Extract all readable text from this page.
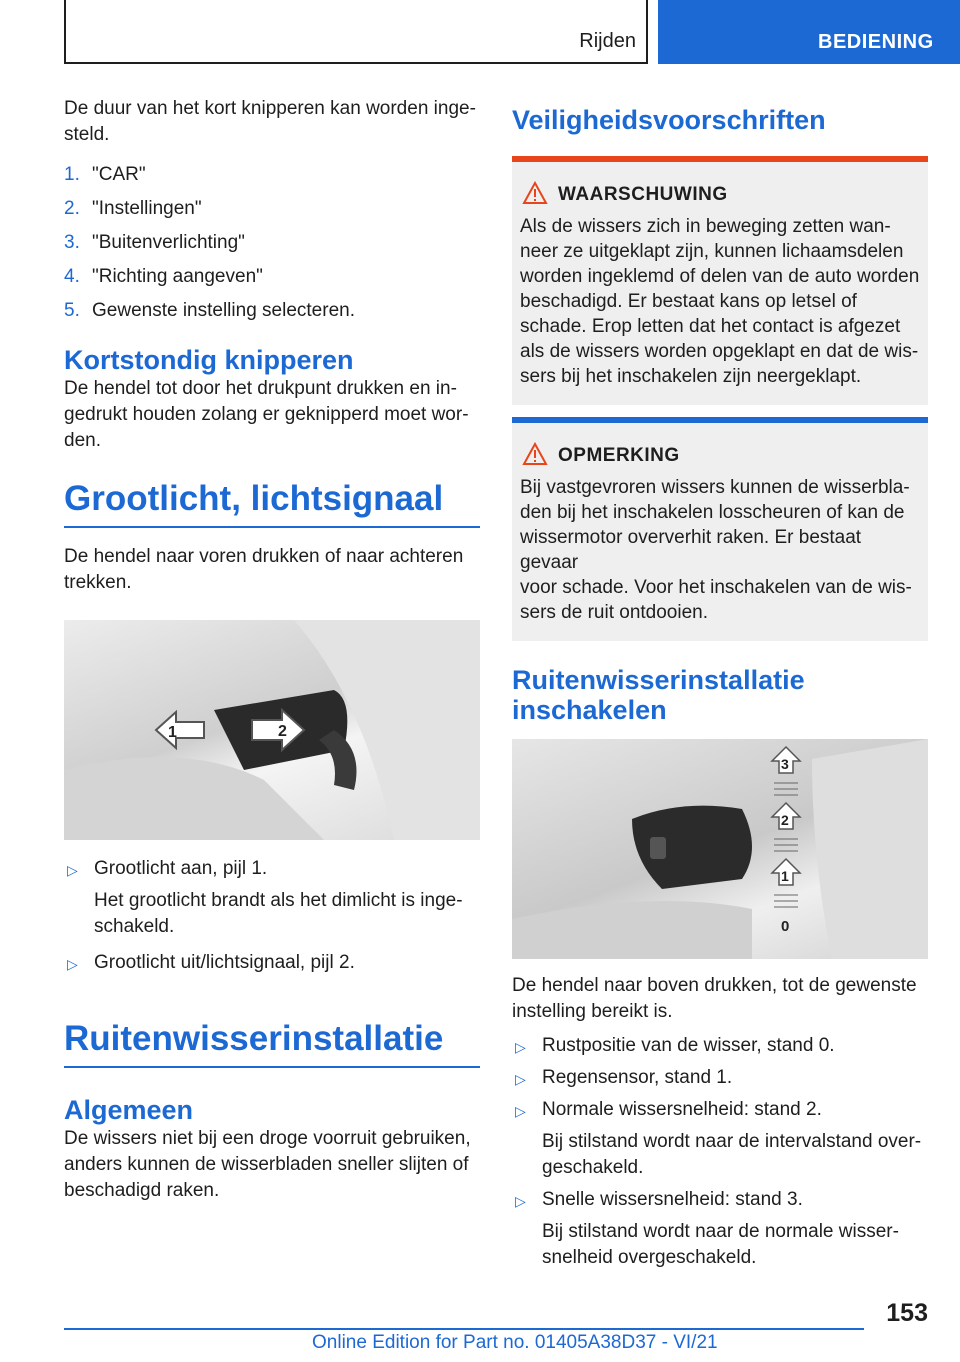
Rijden	BEDIENING

De duur van het kort knipperen kan worden inge-
steld.

1. "CAR"
2. "Instellingen"
3. "Buitenverlichting"
4. "Richting aangeven"
5. Gewenste instelling selecteren.
Kortstondig knipperen

De hendel tot door het drukpunt drukken en in-
gedrukt houden zolang er geknipperd moet wor-
den.

Grootlicht, lichtsignaal

De hendel naar voren drukken of naar achteren
trekken.

1	2
▷ Grootlicht aan, pijl 1.
Het grootlicht brandt als het dimlicht is inge-
schakeld.
▷ Grootlicht uit/lichtsignaal, pijl 2.
Ruitenwisserinstallatie
Algemeen

De wissers niet bij een droge voorruit gebruiken,
anders kunnen de wisserbladen sneller slijten of
beschadigd raken.

Veiligheidsvoorschriften
WAARSCHUWING

Als de wissers zich in beweging zetten wan-
neer ze uitgeklapt zijn, kunnen lichaamsdelen
worden ingeklemd of delen van de auto worden
beschadigd. Er bestaat kans op letsel of
schade. Erop letten dat het contact is afgezet
als de wissers worden opgeklapt en dat de wis-
sers bij het inschakelen zijn neergeklapt.

OPMERKING

Bij vastgevroren wissers kunnen de wisserbla-
den bij het inschakelen losscheuren of kan de
wissermotor oververhit raken. Er bestaat gevaar
voor schade. Voor het inschakelen van de wis-
sers de ruit ontdooien.

Ruitenwisserinstallatie
inschakelen
3
2
1
0

De hendel naar boven drukken, tot de gewenste
instelling bereikt is.

▷ Rustpositie van de wisser, stand 0.
▷ Regensensor, stand 1.
▷ Normale wissersnelheid: stand 2.
Bij stilstand wordt naar de intervalstand over-
geschakeld.
▷ Snelle wissersnelheid: stand 3.
Bij stilstand wordt naar de normale wisser-
snelheid overgeschakeld.
153
Online Edition for Part no. 01405A38D37 - VI/21
